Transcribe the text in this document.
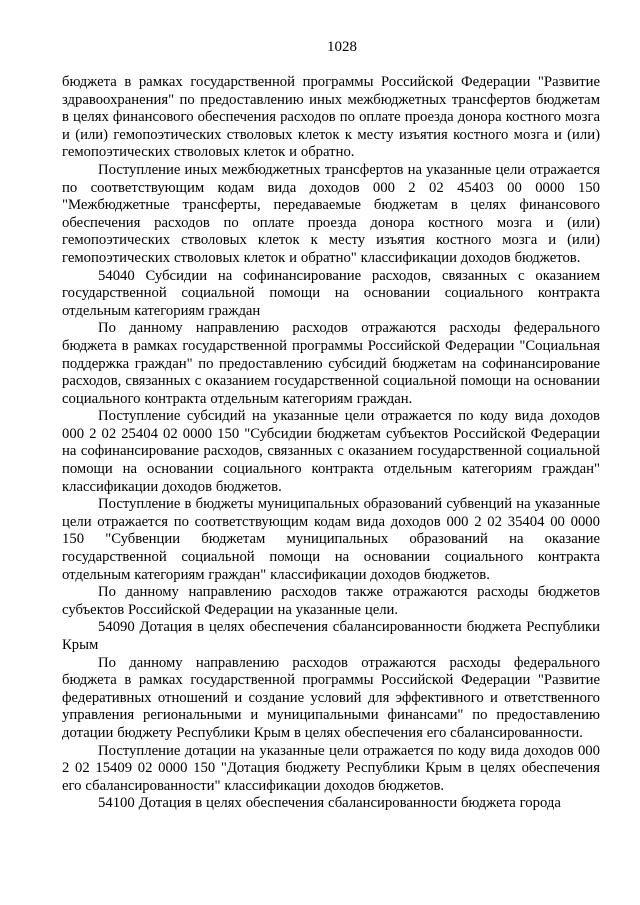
1028

бюджета в рамках государственной программы Российской Федерации "Развитие здравоохранения" по предоставлению иных межбюджетных трансфертов бюджетам в целях финансового обеспечения расходов по оплате проезда донора костного мозга и (или) гемопоэтических стволовых клеток к месту изъятия костного мозга и (или) гемопоэтических стволовых клеток и обратно.

Поступление иных межбюджетных трансфертов на указанные цели отражается по соответствующим кодам вида доходов 000 2 02 45403 00 0000 150 "Межбюджетные трансферты, передаваемые бюджетам в целях финансового обеспечения расходов по оплате проезда донора костного мозга и (или) гемопоэтических стволовых клеток к месту изъятия костного мозга и (или) гемопоэтических стволовых клеток и обратно" классификации доходов бюджетов.

54040 Субсидии на софинансирование расходов, связанных с оказанием государственной социальной помощи на основании социального контракта отдельным категориям граждан

По данному направлению расходов отражаются расходы федерального бюджета в рамках государственной программы Российской Федерации "Социальная поддержка граждан" по предоставлению субсидий бюджетам на софинансирование расходов, связанных с оказанием государственной социальной помощи на основании социального контракта отдельным категориям граждан.

Поступление субсидий на указанные цели отражается по коду вида доходов 000 2 02 25404 02 0000 150 "Субсидии бюджетам субъектов Российской Федерации на софинансирование расходов, связанных с оказанием государственной социальной помощи на основании социального контракта отдельным категориям граждан" классификации доходов бюджетов.

Поступление в бюджеты муниципальных образований субвенций на указанные цели отражается по соответствующим кодам вида доходов 000 2 02 35404 00 0000 150 "Субвенции бюджетам муниципальных образований на оказание государственной социальной помощи на основании социального контракта отдельным категориям граждан" классификации доходов бюджетов.

По данному направлению расходов также отражаются расходы бюджетов субъектов Российской Федерации на указанные цели.

54090 Дотация в целях обеспечения сбалансированности бюджета Республики Крым

По данному направлению расходов отражаются расходы федерального бюджета в рамках государственной программы Российской Федерации "Развитие федеративных отношений и создание условий для эффективного и ответственного управления региональными и муниципальными финансами" по предоставлению дотации бюджету Республики Крым в целях обеспечения его сбалансированности.

Поступление дотации на указанные цели отражается по коду вида доходов 000 2 02 15409 02 0000 150 "Дотация бюджету Республики Крым в целях обеспечения его сбалансированности" классификации доходов бюджетов.

54100 Дотация в целях обеспечения сбалансированности бюджета города
